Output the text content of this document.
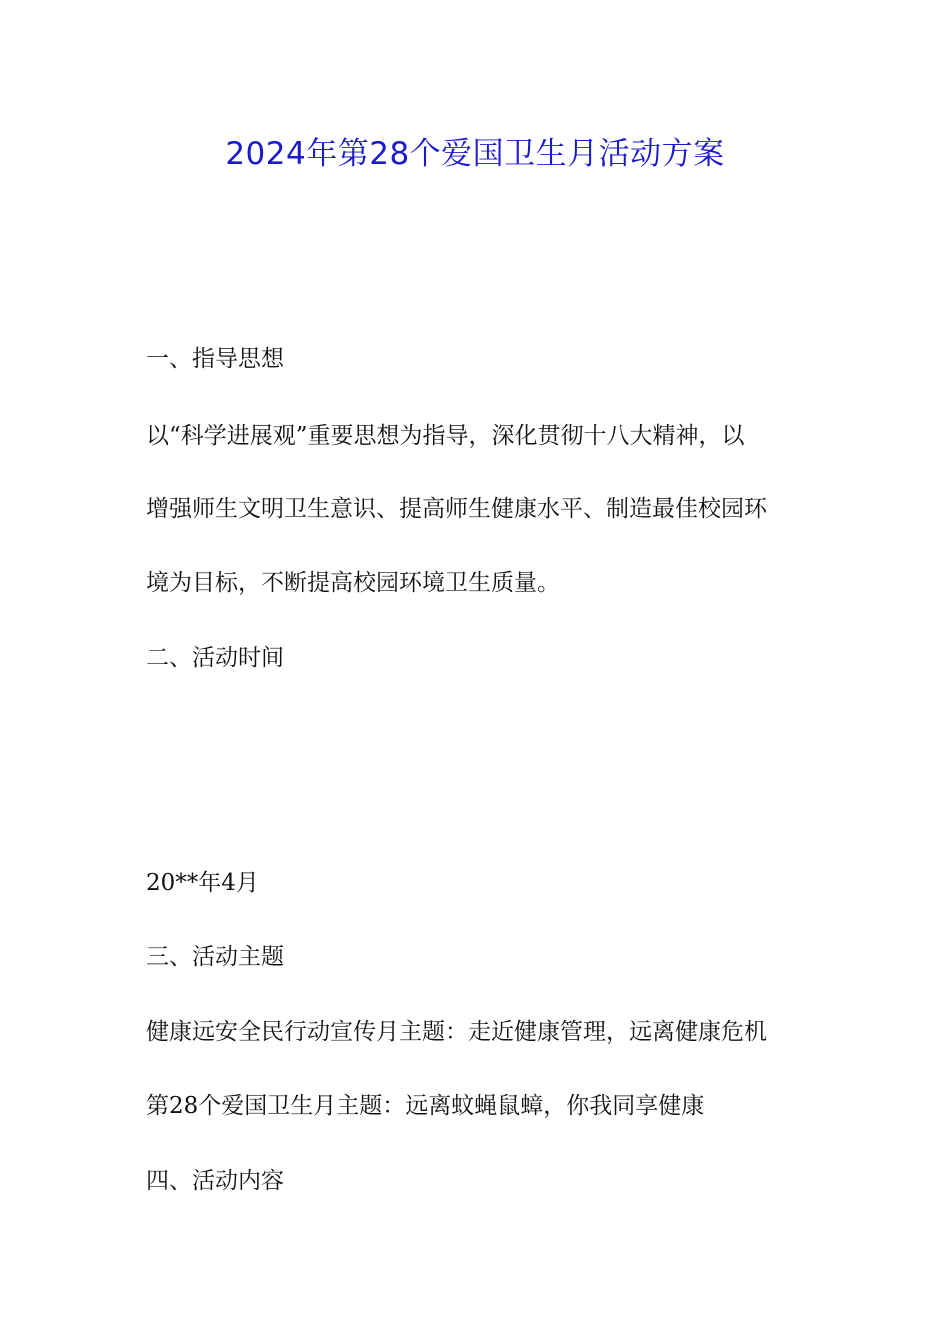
2024年第28个爱国卫生月活动方案
一、指导思想
以“科学进展观”重要思想为指导，深化贯彻十八大精神，以
增强师生文明卫生意识、提高师生健康水平、制造最佳校园环
境为目标，不断提高校园环境卫生质量。
二、活动时间
20**年4月
三、活动主题
健康远安全民行动宣传月主题：走近健康管理，远离健康危机
第28个爱国卫生月主题：远离蚊蝇鼠蟑，你我同享健康
四、活动内容
